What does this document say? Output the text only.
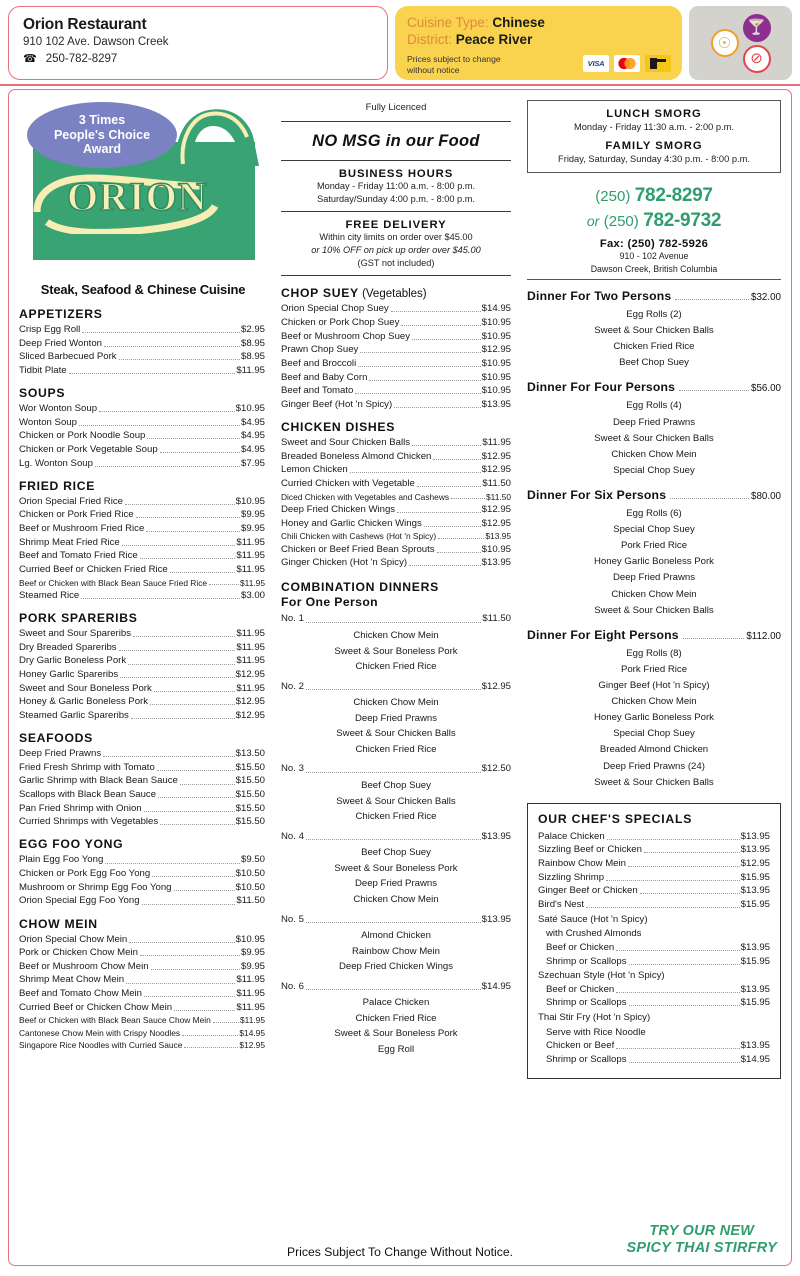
Orion Restaurant
910 102 Ave. Dawson Creek
☎ 250-782-8297
Cuisine Type: Chinese
District: Peace River
Prices subject to change
without notice
VISA
☉
🍸
⊘
3 Times
People's Choice
Award
ORION
Steak, Seafood & Chinese Cuisine
APPETIZERS
Crisp Egg Roll	$2.95
Deep Fried Wonton	$8.95
Sliced Barbecued Pork	$8.95
Tidbit Plate	$11.95
SOUPS
Wor Wonton Soup	$10.95
Wonton Soup	$4.95
Chicken or Pork Noodle Soup	$4.95
Chicken or Pork Vegetable Soup	$4.95
Lg. Wonton Soup	$7.95
FRIED RICE
Orion Special Fried Rice	$10.95
Chicken or Pork Fried Rice	$9.95
Beef or Mushroom Fried Rice	$9.95
Shrimp Meat Fried Rice	$11.95
Beef and Tomato Fried Rice	$11.95
Curried Beef or Chicken Fried Rice	$11.95
Beef or Chicken with Black Bean Sauce Fried Rice	$11.95
Steamed Rice	$3.00
PORK SPARERIBS
Sweet and Sour Spareribs	$11.95
Dry Breaded Spareribs	$11.95
Dry Garlic Boneless Pork	$11.95
Honey Garlic Spareribs	$12.95
Sweet and Sour Boneless Pork	$11.95
Honey & Garlic Boneless Pork	$12.95
Steamed Garlic Spareribs	$12.95
SEAFOODS
Deep Fried Prawns	$13.50
Fried Fresh Shrimp with Tomato	$15.50
Garlic Shrimp with Black Bean Sauce	$15.50
Scallops with Black Bean Sauce	$15.50
Pan Fried Shrimp with Onion	$15.50
Curried Shrimps with Vegetables	$15.50
EGG FOO YONG
Plain Egg Foo Yong	$9.50
Chicken or Pork Egg Foo Yong	$10.50
Mushroom or Shrimp Egg Foo Yong	$10.50
Orion Special Egg Foo Yong	$11.50
CHOW MEIN
Orion Special Chow Mein	$10.95
Pork or Chicken Chow Mein	$9.95
Beef or Mushroom Chow Mein	$9.95
Shrimp Meat Chow Mein	$11.95
Beef and Tomato Chow Mein	$11.95
Curried Beef or Chicken Chow Mein	$11.95
Beef or Chicken with Black Bean Sauce Chow Mein	$11.95
Cantonese Chow Mein with Crispy Noodles	$14.95
Singapore Rice Noodles with Curried Sauce	$12.95
Fully Licenced
NO MSG in our Food
BUSINESS HOURS
Monday - Friday 11:00 a.m. - 8:00 p.m.
Saturday/Sunday 4:00 p.m. - 8:00 p.m.
FREE DELIVERY
Within city limits on order over $45.00
or 10% OFF on pick up order over $45.00
(GST not included)
CHOP SUEY (Vegetables)
Orion Special Chop Suey	$14.95
Chicken or Pork Chop Suey	$10.95
Beef or Mushroom Chop Suey	$10.95
Prawn Chop Suey	$12.95
Beef and Broccoli	$10.95
Beef and Baby Corn	$10.95
Beef and Tomato	$10.95
Ginger Beef (Hot 'n Spicy)	$13.95
CHICKEN DISHES
Sweet and Sour Chicken Balls	$11.95
Breaded Boneless Almond Chicken	$12.95
Lemon Chicken	$12.95
Curried Chicken with Vegetable	$11.50
Diced Chicken with Vegetables and Cashews	$11.50
Deep Fried Chicken Wings	$12.95
Honey and Garlic Chicken Wings	$12.95
Chili Chicken with Cashews (Hot 'n Spicy)	$13.95
Chicken or Beef Fried Bean Sprouts	$10.95
Ginger Chicken (Hot 'n Spicy)	$13.95
COMBINATION DINNERS
For One Person
No. 1	$11.50
Chicken Chow Mein
Sweet & Sour Boneless Pork
Chicken Fried Rice
No. 2	$12.95
Chicken Chow Mein
Deep Fried Prawns
Sweet & Sour Chicken Balls
Chicken Fried Rice
No. 3	$12.50
Beef Chop Suey
Sweet & Sour Chicken Balls
Chicken Fried Rice
No. 4	$13.95
Beef Chop Suey
Sweet & Sour Boneless Pork
Deep Fried Prawns
Chicken Chow Mein
No. 5	$13.95
Almond Chicken
Rainbow Chow Mein
Deep Fried Chicken Wings
No. 6	$14.95
Palace Chicken
Chicken Fried Rice
Sweet & Sour Boneless Pork
Egg Roll
LUNCH SMORG
Monday - Friday 11:30 a.m. - 2:00 p.m.
FAMILY SMORG
Friday, Saturday, Sunday 4:30 p.m. - 8:00 p.m.
(250) 782-8297
or (250) 782-9732
Fax: (250) 782-5926
910 - 102 Avenue
Dawson Creek, British Columbia
Dinner For Two Persons	$32.00
Egg Rolls (2)
Sweet & Sour Chicken Balls
Chicken Fried Rice
Beef Chop Suey
Dinner For Four Persons	$56.00
Egg Rolls (4)
Deep Fried Prawns
Sweet & Sour Chicken Balls
Chicken Chow Mein
Special Chop Suey
Dinner For Six Persons	$80.00
Egg Rolls (6)
Special Chop Suey
Pork Fried Rice
Honey Garlic Boneless Pork
Deep Fried Prawns
Chicken Chow Mein
Sweet & Sour Chicken Balls
Dinner For Eight Persons	$112.00
Egg Rolls (8)
Pork Fried Rice
Ginger Beef (Hot 'n Spicy)
Chicken Chow Mein
Honey Garlic Boneless Pork
Special Chop Suey
Breaded Almond Chicken
Deep Fried Prawns (24)
Sweet & Sour Chicken Balls
OUR CHEF'S SPECIALS
Palace Chicken	$13.95
Sizzling Beef or Chicken	$13.95
Rainbow Chow Mein	$12.95
Sizzling Shrimp	$15.95
Ginger Beef or Chicken	$13.95
Bird's Nest	$15.95
Saté Sauce (Hot 'n Spicy)
with Crushed Almonds
Beef or Chicken	$13.95
Shrimp or Scallops	$15.95
Szechuan Style (Hot 'n Spicy)
Beef or Chicken	$13.95
Shrimp or Scallops	$15.95
Thai Stir Fry (Hot 'n Spicy)
Serve with Rice Noodle
Chicken or Beef	$13.95
Shrimp or Scallops	$14.95
TRY OUR NEW
SPICY THAI STIRFRY
Prices Subject To Change Without Notice.
